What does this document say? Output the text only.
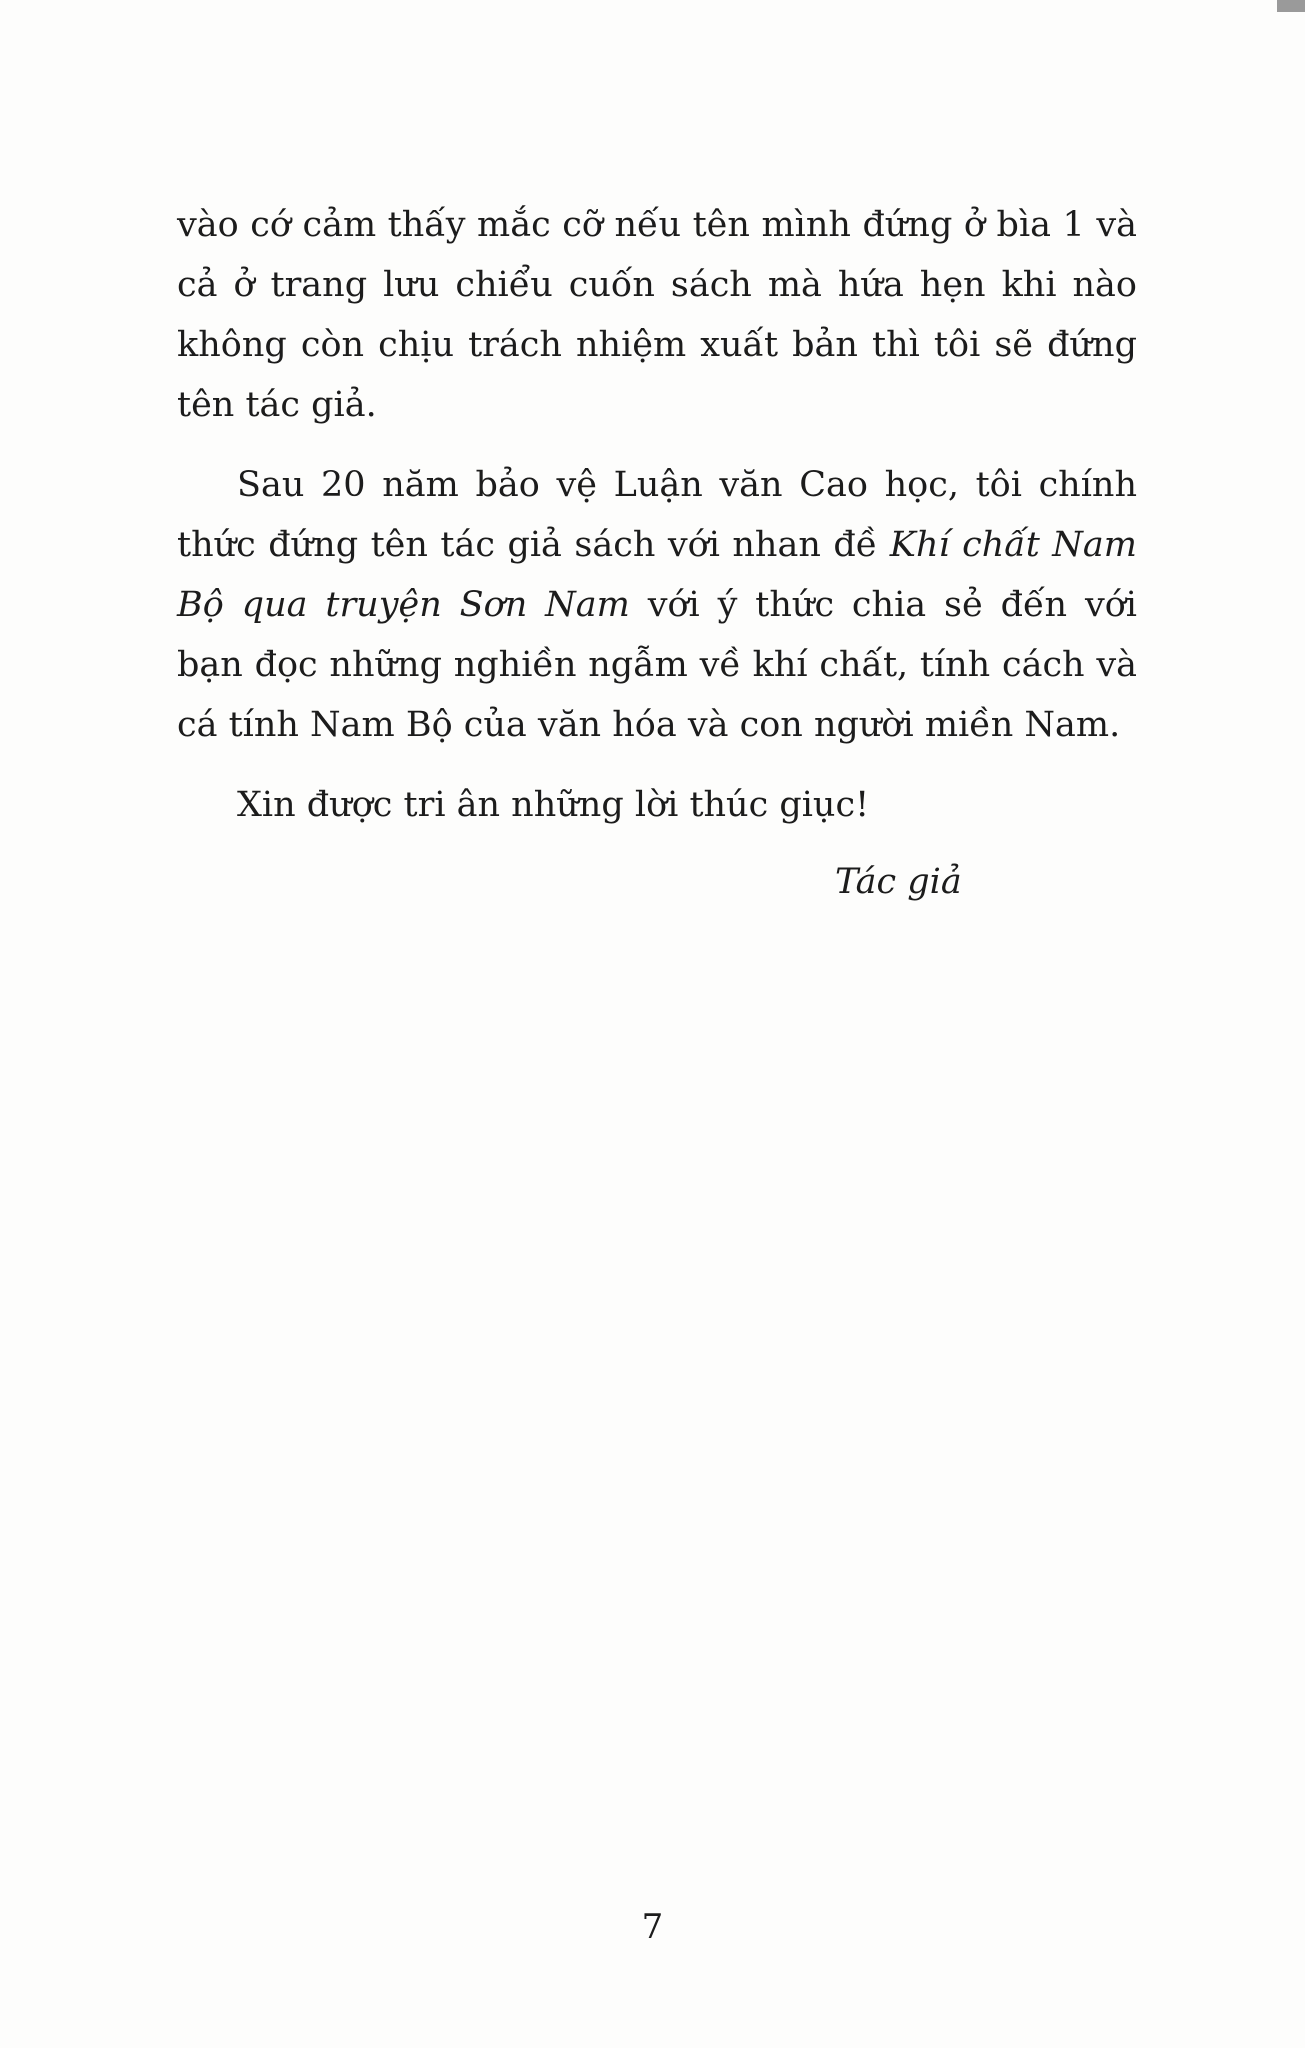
vào cớ cảm thấy mắc cỡ nếu tên mình đứng ở bìa 1 và cả ở trang lưu chiểu cuốn sách mà hứa hẹn khi nào không còn chịu trách nhiệm xuất bản thì tôi sẽ đứng tên tác giả.

Sau 20 năm bảo vệ Luận văn Cao học, tôi chính thức đứng tên tác giả sách với nhan đề Khí chất Nam Bộ qua truyện Sơn Nam với ý thức chia sẻ đến với bạn đọc những nghiền ngẫm về khí chất, tính cách và cá tính Nam Bộ của văn hóa và con người miền Nam.

Xin được tri ân những lời thúc giục!

Tác giả
7
